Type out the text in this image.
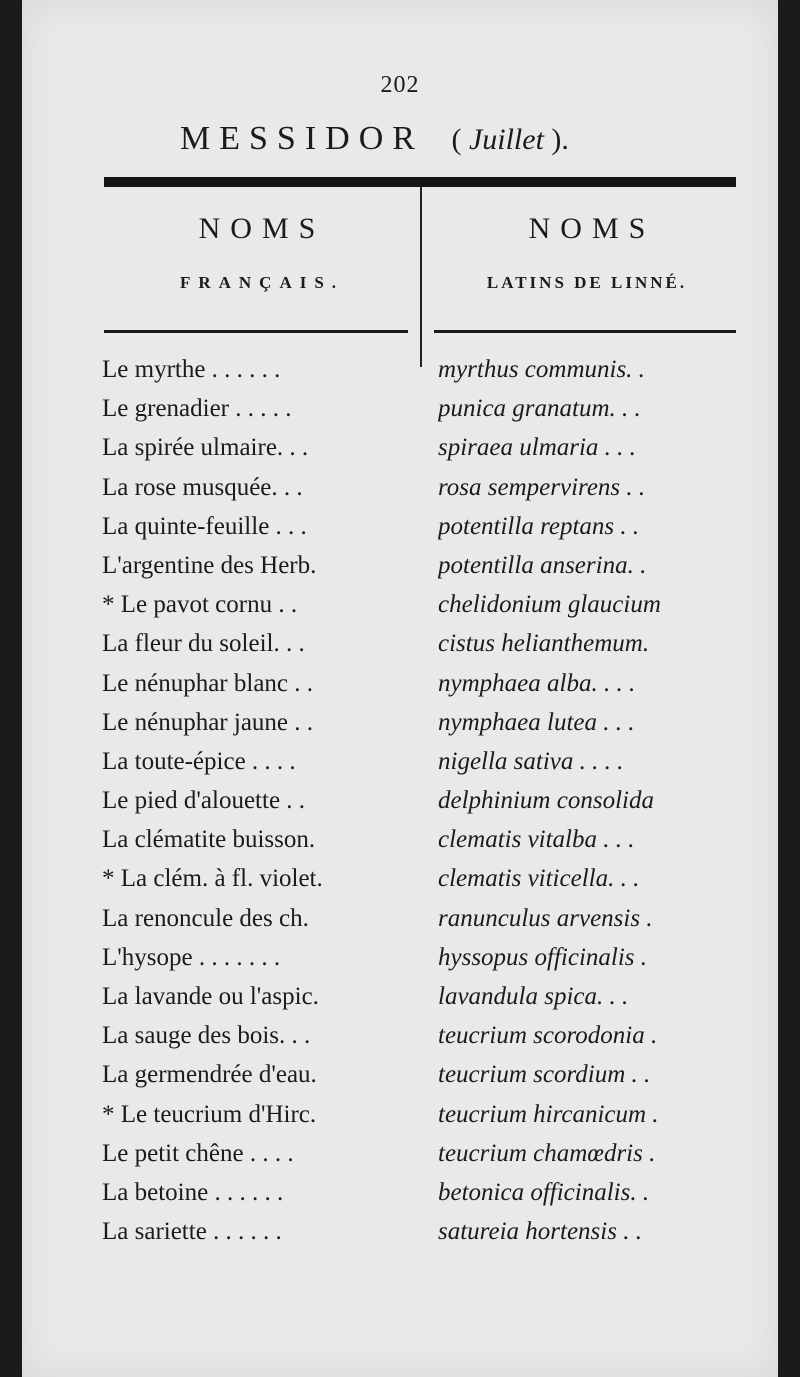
202
MESSIDOR ( Juillet ).
NOMS	NOMS
FRANÇAIS.	LATINS DE LINNÉ.
Le myrthe . . . . . .	myrthus communis. .
Le grenadier . . . . .	punica granatum. . .
La spirée ulmaire. . .	spiraea ulmaria . . .
La rose musquée. . .	rosa sempervirens . .
La quinte-feuille . . .	potentilla reptans . .
L'argentine des Herb.	potentilla anserina. .
* Le pavot cornu . .	chelidonium glaucium
La fleur du soleil. . .	cistus helianthemum.
Le nénuphar blanc . .	nymphaea alba. . . .
Le nénuphar jaune . .	nymphaea lutea . . .
La toute-épice . . . .	nigella sativa . . . .
Le pied d'alouette . .	delphinium consolida
La clématite buisson.	clematis vitalba . . .
* La clém. à fl. violet.	clematis viticella. . .
La renoncule des ch.	ranunculus arvensis .
L'hysope . . . . . . .	hyssopus officinalis .
La lavande ou l'aspic.	lavandula spica. . .
La sauge des bois. . .	teucrium scorodonia .
La germendrée d'eau.	teucrium scordium . .
* Le teucrium d'Hirc.	teucrium hircanicum .
Le petit chêne . . . .	teucrium chamœdris .
La betoine . . . . . .	betonica officinalis. .
La sariette . . . . . .	satureia hortensis . .
